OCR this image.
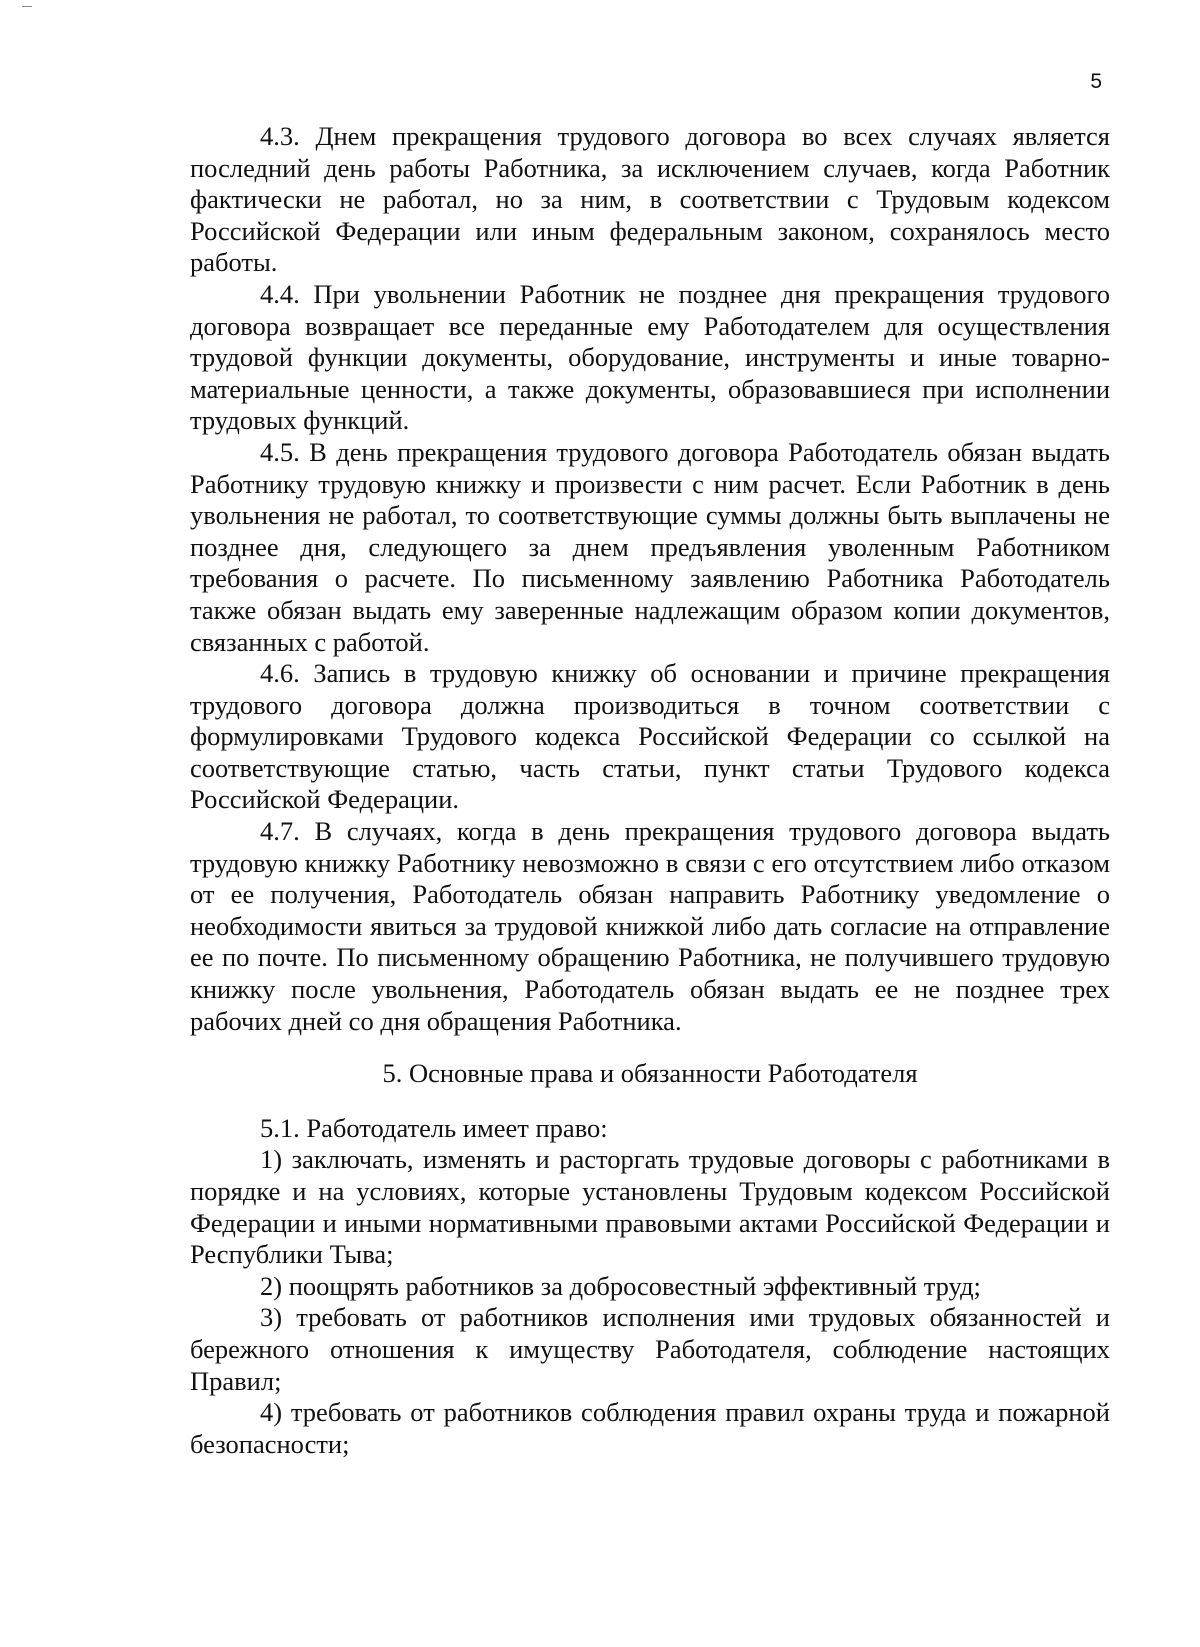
5

4.3. Днем прекращения трудового договора во всех случаях является последний день работы Работника, за исключением случаев, когда Работник фактически не работал, но за ним, в соответствии с Трудовым кодексом Российской Федерации или иным федеральным законом, сохранялось место работы.

4.4. При увольнении Работник не позднее дня прекращения трудового договора возвращает все переданные ему Работодателем для осуществления трудовой функции документы, оборудование, инструменты и иные товарно-материальные ценности, а также документы, образовавшиеся при исполнении трудовых функций.

4.5. В день прекращения трудового договора Работодатель обязан выдать Работнику трудовую книжку и произвести с ним расчет. Если Работник в день увольнения не работал, то соответствующие суммы должны быть выплачены не позднее дня, следующего за днем предъявления уволенным Работником требования о расчете. По письменному заявлению Работника Работодатель также обязан выдать ему заверенные надлежащим образом копии документов, связанных с работой.

4.6. Запись в трудовую книжку об основании и причине прекращения трудового договора должна производиться в точном соответствии с формулировками Трудового кодекса Российской Федерации со ссылкой на соответствующие статью, часть статьи, пункт статьи Трудового кодекса Российской Федерации.

4.7. В случаях, когда в день прекращения трудового договора выдать трудовую книжку Работнику невозможно в связи с его отсутствием либо отказом от ее получения, Работодатель обязан направить Работнику уведомление о необходимости явиться за трудовой книжкой либо дать согласие на отправление ее по почте. По письменному обращению Работника, не получившего трудовую книжку после увольнения, Работодатель обязан выдать ее не позднее трех рабочих дней со дня обращения Работника.

5. Основные права и обязанности Работодателя

5.1. Работодатель имеет право:

1) заключать, изменять и расторгать трудовые договоры с работниками в порядке и на условиях, которые установлены Трудовым кодексом Российской Федерации и иными нормативными правовыми актами Российской Федерации и Республики Тыва;

2) поощрять работников за добросовестный эффективный труд;

3) требовать от работников исполнения ими трудовых обязанностей и бережного отношения к имуществу Работодателя, соблюдение настоящих Правил;

4) требовать от работников соблюдения правил охраны труда и пожарной безопасности;
